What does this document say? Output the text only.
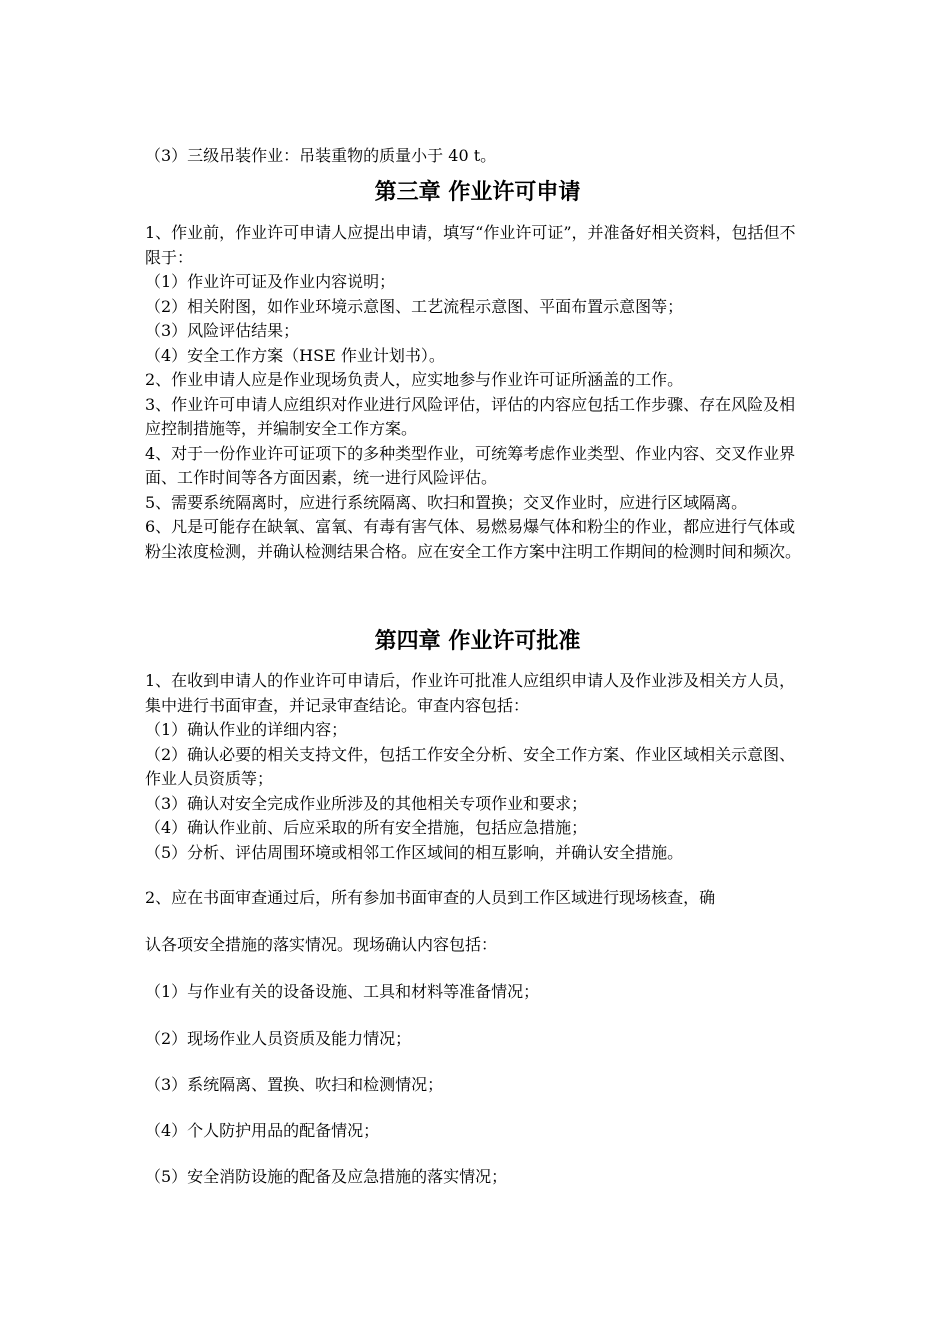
（3）三级吊装作业：吊装重物的质量小于 40 t。

第三章 作业许可申请

1、作业前，作业许可申请人应提出申请，填写“作业许可证”，并准备好相关资料，包括但不限于：

（1）作业许可证及作业内容说明；

（2）相关附图，如作业环境示意图、工艺流程示意图、平面布置示意图等；

（3）风险评估结果；

（4）安全工作方案（HSE 作业计划书）。

2、作业申请人应是作业现场负责人，应实地参与作业许可证所涵盖的工作。

3、作业许可申请人应组织对作业进行风险评估，评估的内容应包括工作步骤、存在风险及相应控制措施等，并编制安全工作方案。

4、对于一份作业许可证项下的多种类型作业，可统筹考虑作业类型、作业内容、交叉作业界面、工作时间等各方面因素，统一进行风险评估。

5、需要系统隔离时，应进行系统隔离、吹扫和置换；交叉作业时，应进行区域隔离。

6、凡是可能存在缺氧、富氧、有毒有害气体、易燃易爆气体和粉尘的作业，都应进行气体或粉尘浓度检测，并确认检测结果合格。应在安全工作方案中注明工作期间的检测时间和频次。

第四章 作业许可批准

1、在收到申请人的作业许可申请后，作业许可批准人应组织申请人及作业涉及相关方人员，集中进行书面审查，并记录审查结论。审查内容包括：

（1）确认作业的详细内容；

（2）确认必要的相关支持文件，包括工作安全分析、安全工作方案、作业区域相关示意图、作业人员资质等；

（3）确认对安全完成作业所涉及的其他相关专项作业和要求；

（4）确认作业前、后应采取的所有安全措施，包括应急措施；

（5）分析、评估周围环境或相邻工作区域间的相互影响，并确认安全措施。

2、应在书面审查通过后，所有参加书面审查的人员到工作区域进行现场核查，确

认各项安全措施的落实情况。现场确认内容包括：

（1）与作业有关的设备设施、工具和材料等准备情况；

（2）现场作业人员资质及能力情况；

（3）系统隔离、置换、吹扫和检测情况；

（4）个人防护用品的配备情况；

（5）安全消防设施的配备及应急措施的落实情况；
